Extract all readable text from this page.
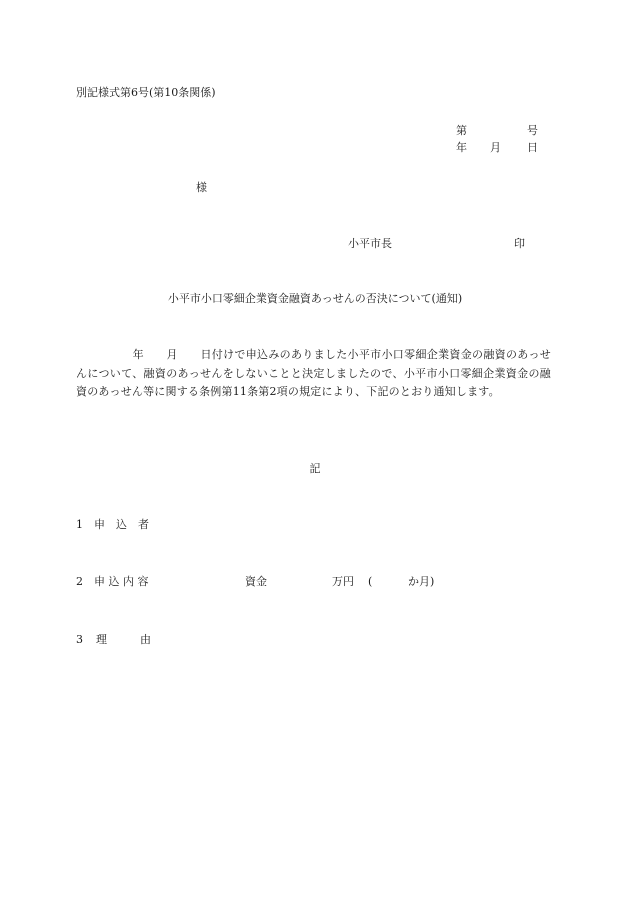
別記様式第6号(第10条関係)
第	号
年 月 日
様
小平市長	印
小平市小口零細企業資金融資あっせんの否決について(通知)
　　　　　年　　月　　日付けで申込みのありました小平市小口零細企業資金の融資のあっせんについて、融資のあっせんをしないことと決定しましたので、小平市小口零細企業資金の融資のあっせん等に関する条例第11条第2項の規定により、下記のとおり通知します。
記
1 申　込　者
2 申 込 内 容	資金	万円 (	か月)
3 理　　　由
